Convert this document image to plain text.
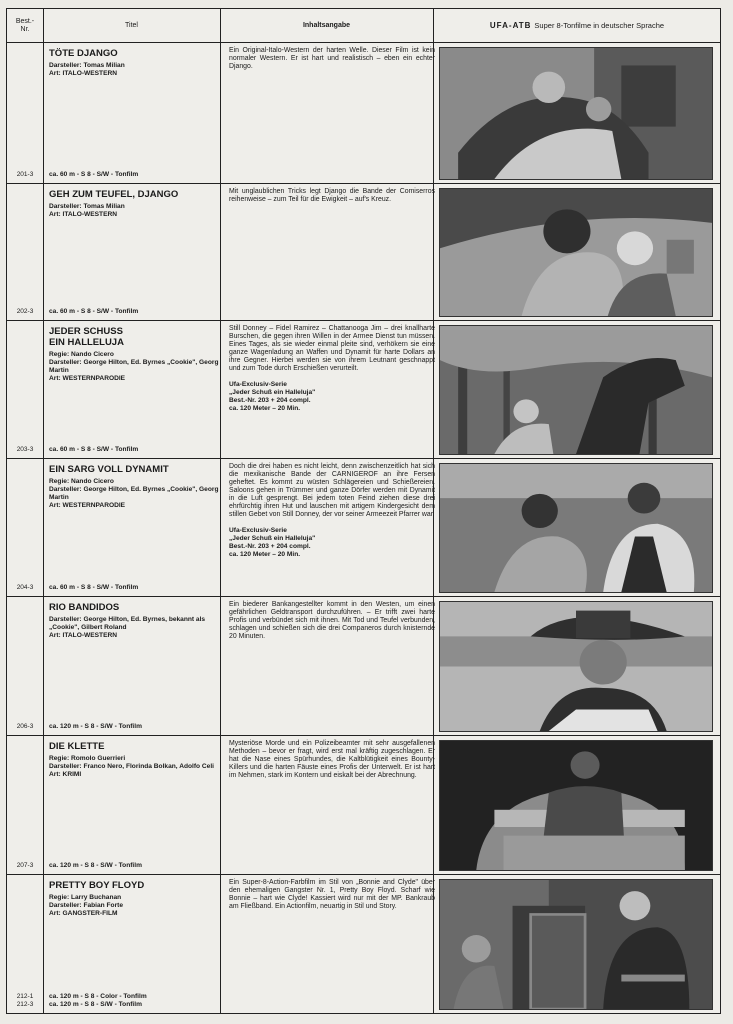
Best.-
Nr.
Titel	Inhaltsangabe	UFA-ATB Super 8-Tonfilme in deutscher Sprache
201-3
TÖTE DJANGO
Darsteller: Tomas Milian
Art: ITALO-WESTERN
ca. 60 m - S 8 - S/W - Tonfilm
Ein Original-Italo-Western der harten Welle. Dieser Film ist kein normaler Western. Er ist hart und realistisch – eben ein echter Django.
202-3
GEH ZUM TEUFEL, DJANGO
Darsteller: Tomas Milian
Art: ITALO-WESTERN
ca. 60 m - S 8 - S/W - Tonfilm
Mit unglaublichen Tricks legt Django die Bande der Comiserros reihenweise – zum Teil für die Ewigkeit – auf's Kreuz.
203-3
JEDER SCHUSS
EIN HALLELUJA
Regie: Nando Cicero
Darsteller: George Hilton, Ed. Byrnes „Cookie", Georg Martin
Art: WESTERNPARODIE
ca. 60 m - S 8 - S/W - Tonfilm
Still Donney – Fidel Ramirez – Chattanooga Jim – drei knallharte Burschen, die gegen ihren Willen in der Armee Dienst tun müssen. Eines Tages, als sie wieder einmal pleite sind, verhökern sie eine ganze Wagenladung an Waffen und Dynamit für harte Dollars an ihre Gegner. Hierbei werden sie von ihrem Leutnant geschnappt und zum Tode durch Erschießen verurteilt.
Ufa-Exclusiv-Serie
„Jeder Schuß ein Halleluja"
Best.-Nr. 203 + 204 compl.
ca. 120 Meter – 20 Min.
204-3
EIN SARG VOLL DYNAMIT
Regie: Nando Cicero
Darsteller: George Hilton, Ed. Byrnes „Cookie", Georg Martin
Art: WESTERNPARODIE
ca. 60 m - S 8 - S/W - Tonfilm
Doch die drei haben es nicht leicht, denn zwischenzeitlich hat sich die mexikanische Bande der CARNIGEROF an ihre Fersen geheftet. Es kommt zu wüsten Schlägereien und Schießereien. Saloons gehen in Trümmer und ganze Dörfer werden mit Dynamit in die Luft gesprengt. Bei jedem toten Feind ziehen diese drei ehrfürchtig ihren Hut und lauschen mit artigem Kindergesicht dem stillen Gebet von Still Donney, der vor seiner Armeezeit Pfarrer war.
Ufa-Exclusiv-Serie
„Jeder Schuß ein Halleluja"
Best.-Nr. 203 + 204 compl.
ca. 120 Meter – 20 Min.
206-3
RIO BANDIDOS
Darsteller: George Hilton, Ed. Byrnes, bekannt als „Cookie", Gilbert Roland
Art: ITALO-WESTERN
ca. 120 m - S 8 - S/W - Tonfilm
Ein biederer Bankangestellter kommt in den Westen, um einen gefährlichen Geldtransport durchzuführen. – Er trifft zwei harte Profis und verbündet sich mit ihnen. Mit Tod und Teufel verbunden, schlagen und schießen sich die drei Companeros durch knisternde 20 Minuten.
207-3
DIE KLETTE
Regie: Romolo Guerrieri
Darsteller: Franco Nero, Florinda Bolkan, Adolfo Celi
Art: KRIMI
ca. 120 m - S 8 - S/W - Tonfilm
Mysteriöse Morde und ein Polizeibeamter mit sehr ausgefallenen Methoden – bevor er fragt, wird erst mal kräftig zugeschlagen. Er hat die Nase eines Spürhundes, die Kaltblütigkeit eines Bounty-Killers und die harten Fäuste eines Profis der Unterwelt. Er ist hart im Nehmen, stark im Kontern und eiskalt bei der Abrechnung.
212-1
212-3
PRETTY BOY FLOYD
Regie: Larry Buchanan
Darsteller: Fabian Forte
Art: GANGSTER-FILM
ca. 120 m - S 8 - Color - Tonfilm
ca. 120 m - S 8 - S/W - Tonfilm
Ein Super-8-Action-Farbfilm im Stil von „Bonnie and Clyde" über den ehemaligen Gangster Nr. 1, Pretty Boy Floyd. Scharf wie Bonnie – hart wie Clyde! Kassiert wird nur mit der MP. Bankraub am Fließband. Ein Actionfilm, neuartig in Stil und Story.
